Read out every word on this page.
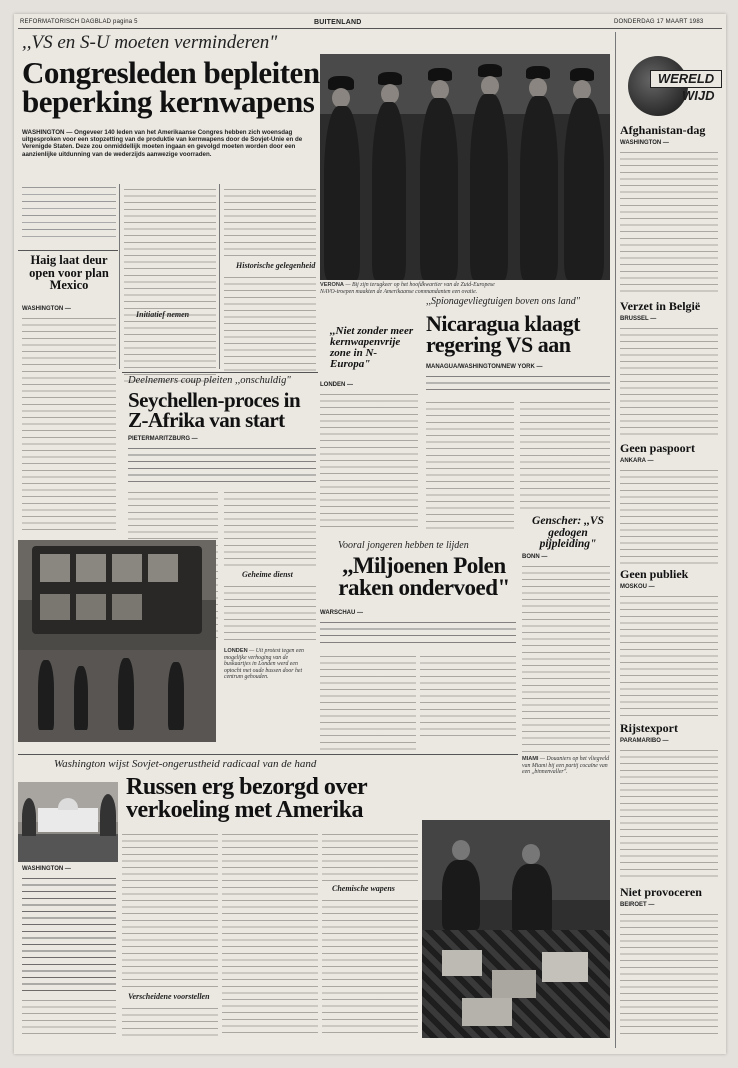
REFORMATORISCH DAGBLAD pagina 5	BUITENLAND	DONDERDAG 17 MAART 1983
,,VS en S-U moeten verminderen"
Congresleden bepleiten beperking kernwapens
WASHINGTON — Ongeveer 140 leden van het Amerikaanse Congres hebben zich woensdag uitgesproken voor een stopzetting van de produktie van kernwapens door de Sovjet-Unie en de Verenigde Staten. Deze zou onmiddellijk moeten ingaan en gevolgd moeten worden door een aanzienlijke uitdunning van de wederzijds aanwezige voorraden.
Historische gelegenheid
Initiatief nemen
Haig laat deur open voor plan Mexico
WASHINGTON —
VERONA — Bij zijn terugkeer op het hoofdkwartier van de Zuid-Europese NAVO-troepen maakten de Amerikaanse commandanten een ovatie.
,,Niet zonder meer kernwapenvrije zone in N-Europa"
LONDEN —
Deelnemers coup pleiten ,,onschuldig"
Seychellen-proces in Z-Afrika van start
PIETERMARITZBURG —
Geheime dienst
LONDEN — Uit protest tegen een mogelijke verhoging van de buskaartjes in Londen werd een optocht met oude bussen door het centrum gehouden.
,,Spionagevliegtuigen boven ons land"
Nicaragua klaagt regering VS aan
MANAGUA/WASHINGTON/NEW YORK —
Vooral jongeren hebben te lijden
,,Miljoenen Polen raken ondervoed"
WARSCHAU —
Genscher: ,,VS gedogen pijpleiding"
BONN —
MIAMI — Douaniers op het vliegveld van Miami bij een partij cocaïne van een ,,binnenvaller".
Washington wijst Sovjet-ongerustheid radicaal van de hand
Russen erg bezorgd over verkoeling met Amerika
WASHINGTON —
Verscheidene voorstellen
Chemische wapens
WERELD
WIJD
Afghanistan-dag
WASHINGTON —
Verzet in België
BRUSSEL —
Geen paspoort
ANKARA —
Geen publiek
MOSKOU —
Rijstexport
PARAMARIBO —
Niet provoceren
BEIROET —
